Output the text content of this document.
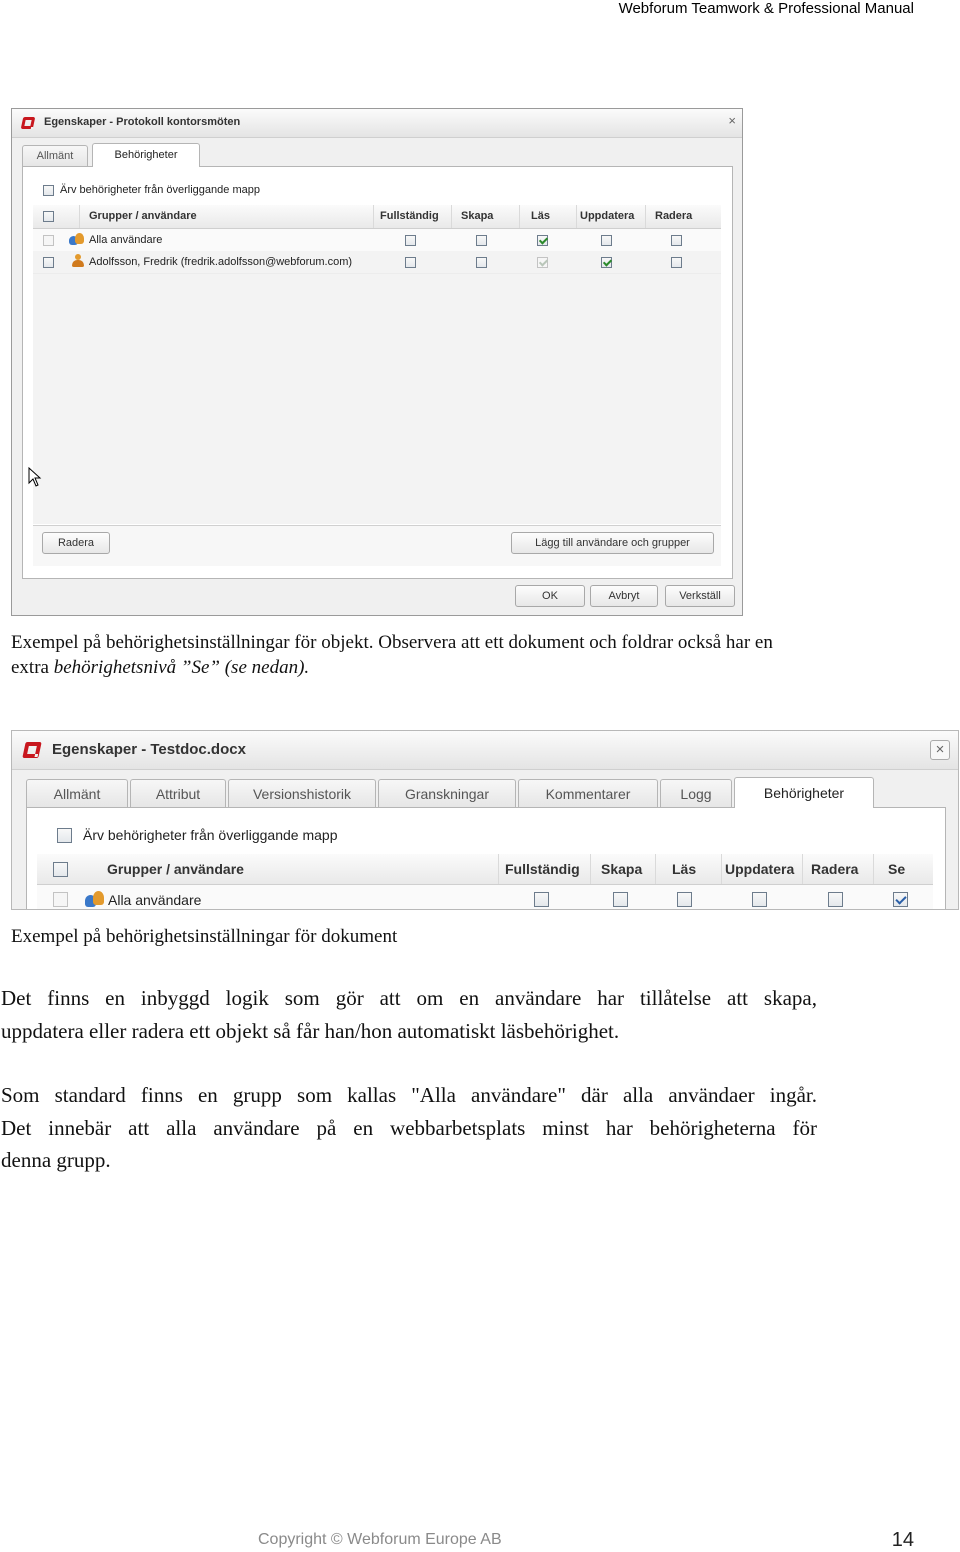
Webforum Teamwork & Professional Manual
Egenskaper - Protokoll kontorsmöten	×
Allmänt	Behörigheter
Ärv behörigheter från överliggande mapp
Grupper / användare	Fullständig	Skapa	Läs	Uppdatera	Radera
Alla användare
Adolfsson, Fredrik (fredrik.adolfsson@webforum.com)
Radera	Lägg till användare och grupper
OK	Avbryt	Verkställ
Exempel på behörighetsinställningar för objekt. Observera att ett dokument och foldrar också har en
extra behörighetsnivå ”Se” (se nedan).
Egenskaper - Testdoc.docx	×
Allmänt	Attribut	Versionshistorik	Granskningar	Kommentarer	Logg	Behörigheter
Ärv behörigheter från överliggande mapp
Grupper / användare	Fullständig	Skapa	Läs	Uppdatera	Radera	Se
Alla användare
Exempel på behörighetsinställningar för dokument
Det finns en inbyggd logik som gör att om en användare har tillåtelse att skapa,
uppdatera eller radera ett objekt så får han/hon automatiskt läsbehörighet.
Som standard finns en grupp som kallas "Alla användare" där alla användaer ingår.
Det innebär att alla användare på en webbarbetsplats minst har behörigheterna för
denna grupp.
Copyright © Webforum Europe AB	14
